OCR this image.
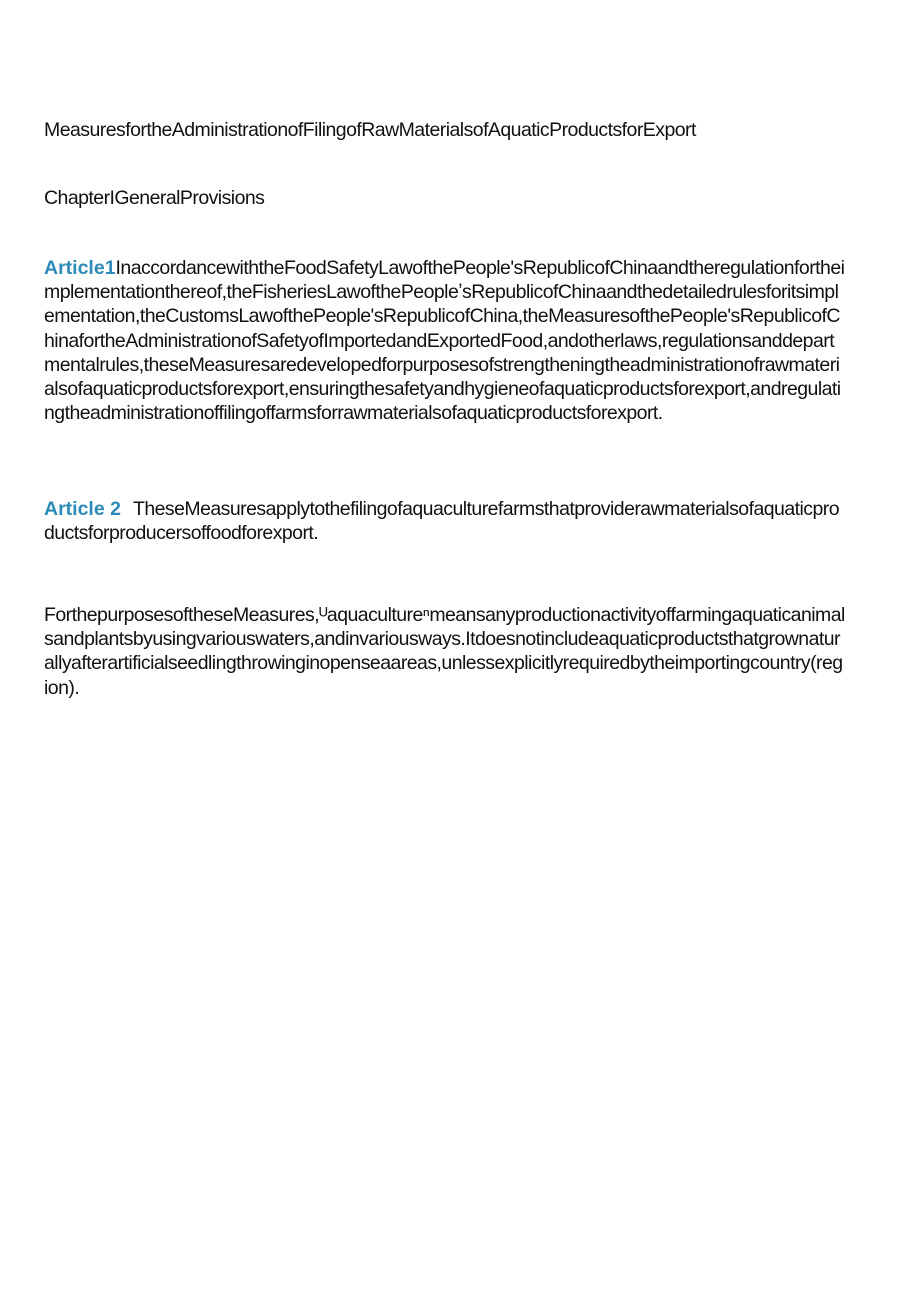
MeasuresfortheAdministrationofFilingofRawMaterialsofAquaticProductsforExport
ChapterIGeneralProvisions
Article1InaccordancewiththeFoodSafetyLawofthePeople'sRepublicofChinaandtheregulationfortheimplementationthereof,theFisheriesLawofthePeopleʼsRepublicofChinaandthedetailedrulesforitsimplementation,theCustomsLawofthePeople'sRepublicofChina,theMeasuresofthePeople'sRepublicofChinafortheAdministrationofSafetyofImportedandExportedFood,andotherlaws,regulationsanddepartmentalrules,theseMeasuresaredevelopedforpurposesofstrengtheningtheadministrationofrawmaterialsofaquaticproductsforexport,ensuringthesafetyandhygieneofaquaticproductsforexport,andregulatingtheadministrationoffilingoffarmsforrawmaterialsofaquaticproductsforexport.
Article 2 TheseMeasuresapplytothefilingofaquaculturefarmsthatproviderawmaterialsofaquaticproductsforproducersoffoodforexport.
ForthepurposesoftheseMeasures,ᵁaquacultureⁿmeansanyproductionactivityoffarmingaquaticanimalsandplantsbyusingvariouswaters,andinvariousways.Itdoesnotincludeaquaticproductsthatgrownaturallyafterartificialseedlingthrowinginopenseaareas,unlessexplicitlyrequiredbytheimportingcountry(region).
